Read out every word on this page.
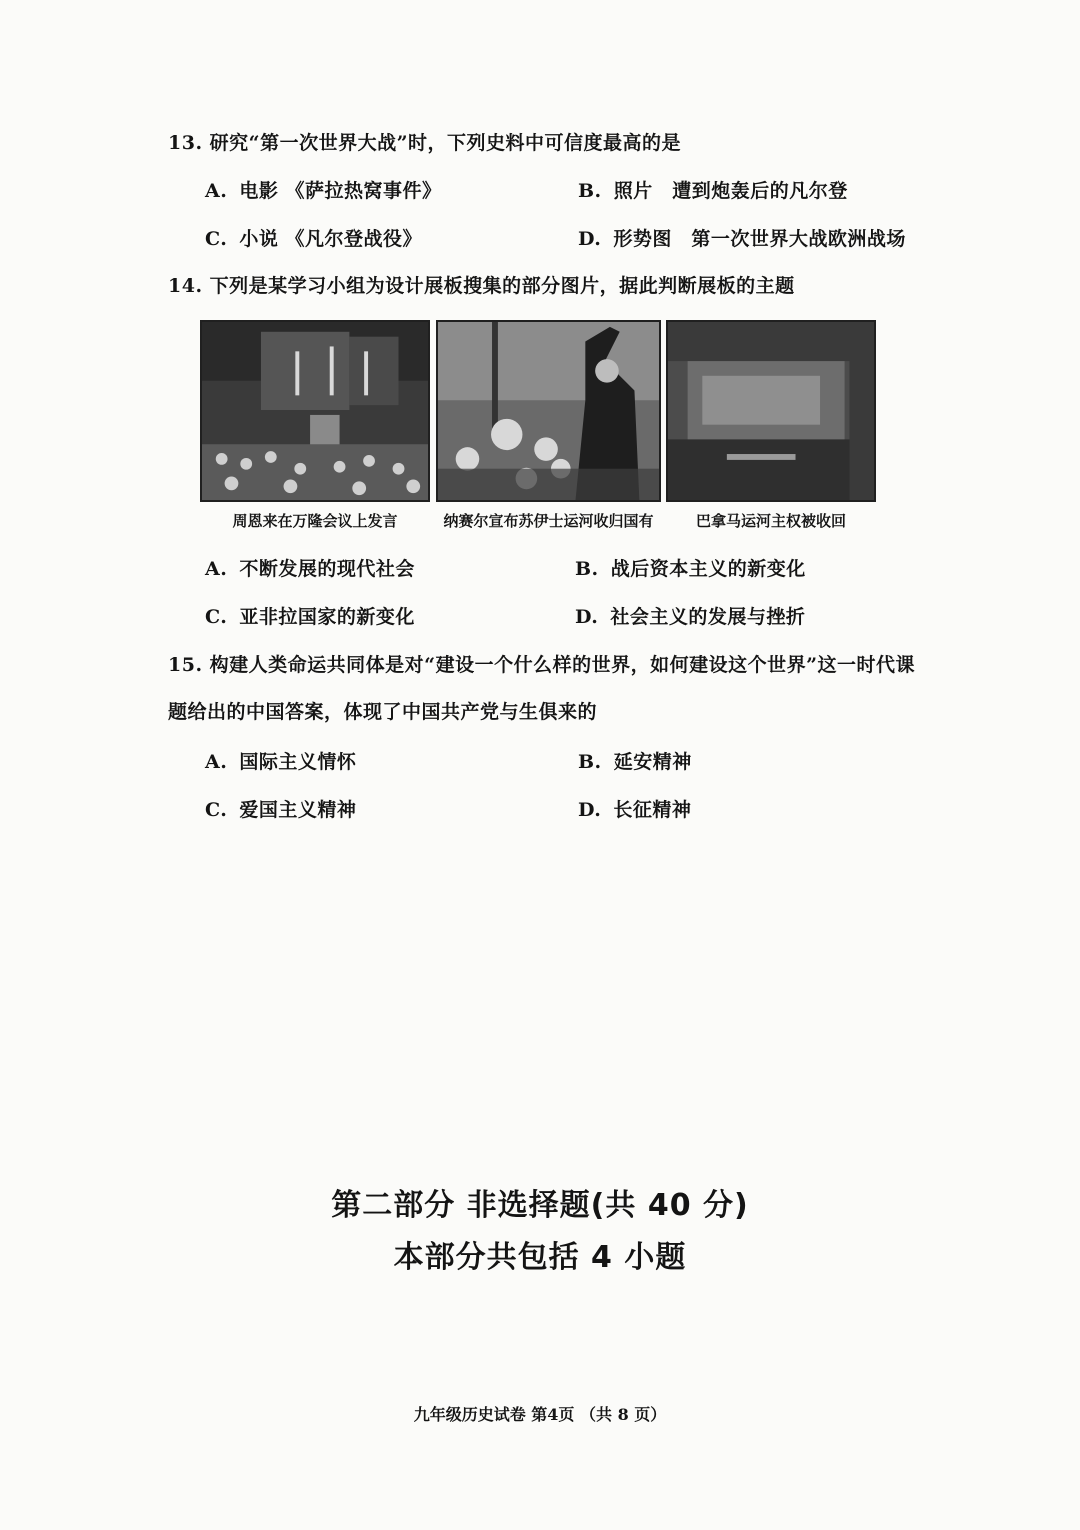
13. 研究“第一次世界大战”时，下列史料中可信度最高的是
A. 电影 《萨拉热窝事件》	B. 照片　遭到炮轰后的凡尔登
C. 小说 《凡尔登战役》	D. 形势图　第一次世界大战欧洲战场
14. 下列是某学习小组为设计展板搜集的部分图片，据此判断展板的主题
周恩来在万隆会议上发言	纳赛尔宣布苏伊士运河收归国有	巴拿马运河主权被收回
A. 不断发展的现代社会	B. 战后资本主义的新变化
C. 亚非拉国家的新变化	D. 社会主义的发展与挫折
15. 构建人类命运共同体是对“建设一个什么样的世界，如何建设这个世界”这一时代课
题给出的中国答案，体现了中国共产党与生俱来的
A. 国际主义情怀	B. 延安精神
C. 爱国主义精神	D. 长征精神
第二部分 非选择题(共 40 分)
本部分共包括 4 小题
九年级历史试卷 第4页 （共 8 页）
